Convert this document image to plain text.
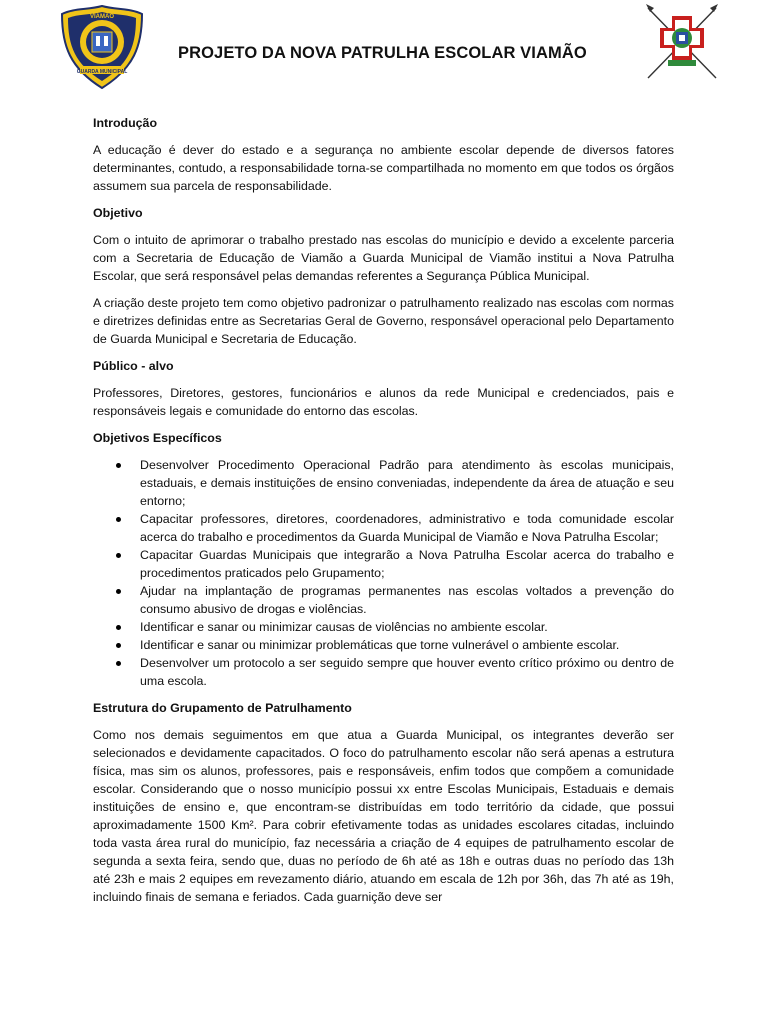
GUARDA MUNICIPAL
VIAMÃO
PROJETO DA NOVA PATRULHA ESCOLAR VIAMÃO
Introdução

A educação é dever do estado e a segurança no ambiente escolar depende de diversos fatores determinantes, contudo, a responsabilidade torna-se compartilhada no momento em que todos os órgãos assumem sua parcela de responsabilidade.

Objetivo

Com o intuito de aprimorar o trabalho prestado nas escolas do município e devido a excelente parceria com a Secretaria de Educação de Viamão a Guarda Municipal de Viamão institui a Nova Patrulha Escolar, que será responsável pelas demandas referentes a Segurança Pública Municipal.

A criação deste projeto tem como objetivo padronizar o patrulhamento realizado nas escolas com normas e diretrizes definidas entre as Secretarias Geral de Governo, responsável operacional pelo Departamento de Guarda Municipal e Secretaria de Educação.

Público - alvo

Professores, Diretores, gestores, funcionários e alunos da rede Municipal e credenciados, pais e responsáveis legais e comunidade do entorno das escolas.

Objetivos Específicos
Desenvolver Procedimento Operacional Padrão para atendimento às escolas municipais, estaduais, e demais instituições de ensino conveniadas, independente da área de atuação e seu entorno;
Capacitar professores, diretores, coordenadores, administrativo e toda comunidade escolar acerca do trabalho e procedimentos da Guarda Municipal de Viamão e Nova Patrulha Escolar;
Capacitar Guardas Municipais que integrarão a Nova Patrulha Escolar acerca do trabalho e procedimentos praticados pelo Grupamento;
Ajudar na implantação de programas permanentes nas escolas voltados a prevenção do consumo abusivo de drogas e violências.
Identificar e sanar ou minimizar causas de violências no ambiente escolar.
Identificar e sanar ou minimizar problemáticas que torne vulnerável o ambiente escolar.
Desenvolver um protocolo a ser seguido sempre que houver evento crítico próximo ou dentro de uma escola.
Estrutura do Grupamento de Patrulhamento

Como nos demais seguimentos em que atua a Guarda Municipal, os integrantes deverão ser selecionados e devidamente capacitados. O foco do patrulhamento escolar não será apenas a estrutura física, mas sim os alunos, professores, pais e responsáveis, enfim todos que compõem a comunidade escolar. Considerando que o nosso município possui xx entre Escolas Municipais, Estaduais e demais instituições de ensino e, que encontram-se distribuídas em todo território da cidade, que possui aproximadamente 1500 Km². Para cobrir efetivamente todas as unidades escolares citadas, incluindo toda vasta área rural do município, faz necessária a criação de 4 equipes de patrulhamento escolar de segunda a sexta feira, sendo que, duas no período de 6h até as 18h e outras duas no período das 13h até 23h e mais 2 equipes em revezamento diário, atuando em escala de 12h por 36h, das 7h até as 19h, incluindo finais de semana e feriados. Cada guarnição deve ser
